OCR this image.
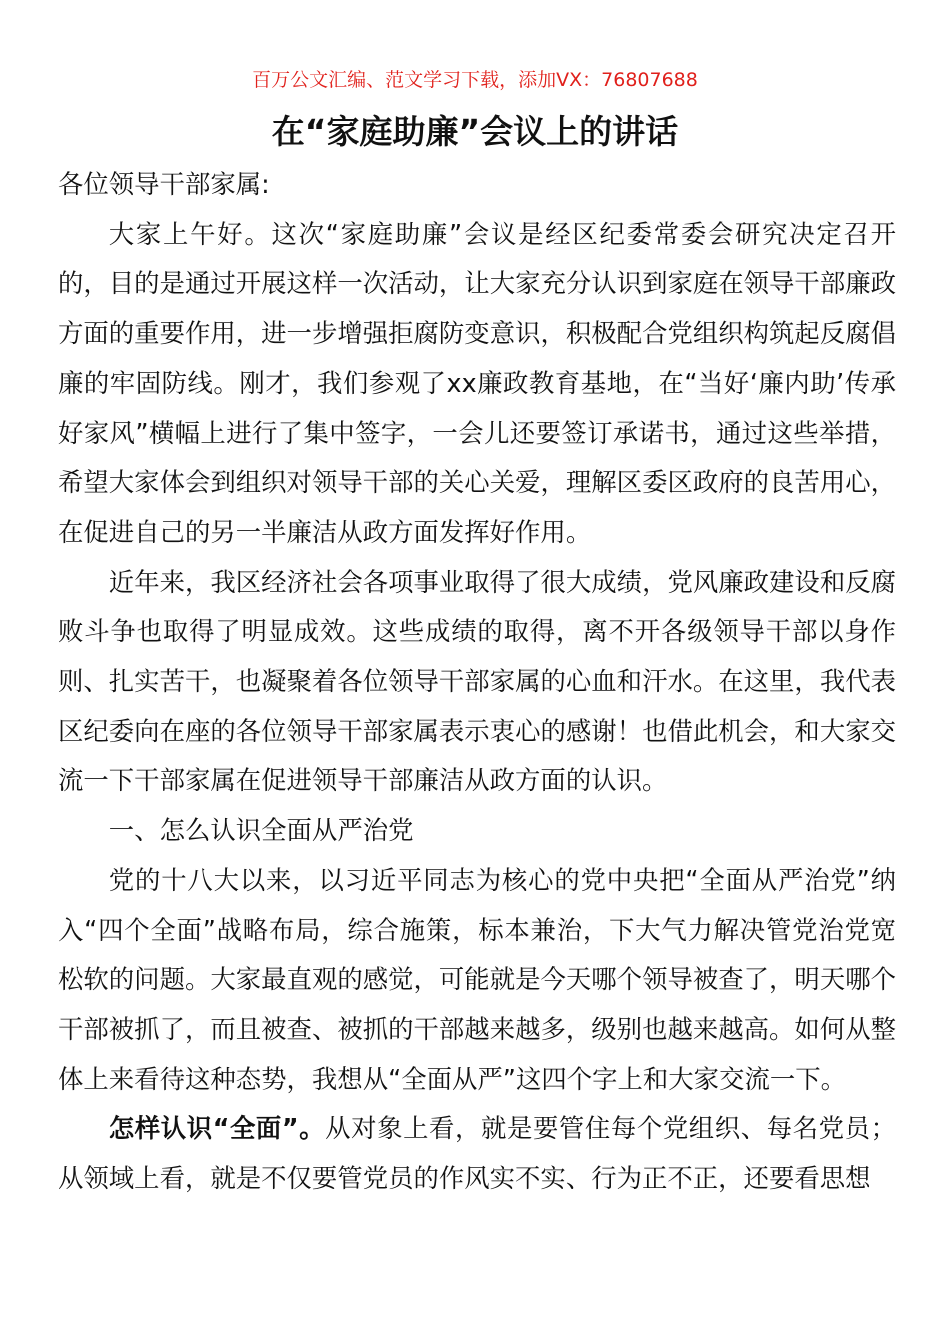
百万公文汇编、范文学习下载，添加VX：76807688
在“家庭助廉”会议上的讲话

各位领导干部家属:

大家上午好。这次“家庭助廉”会议是经区纪委常委会研究决定召开的，目的是通过开展这样一次活动，让大家充分认识到家庭在领导干部廉政方面的重要作用，进一步增强拒腐防变意识，积极配合党组织构筑起反腐倡廉的牢固防线。刚才，我们参观了xx廉政教育基地，在“当好‘廉内助’传承好家风”横幅上进行了集中签字，一会儿还要签订承诺书，通过这些举措，希望大家体会到组织对领导干部的关心关爱，理解区委区政府的良苦用心，在促进自己的另一半廉洁从政方面发挥好作用。

近年来，我区经济社会各项事业取得了很大成绩，党风廉政建设和反腐败斗争也取得了明显成效。这些成绩的取得，离不开各级领导干部以身作则、扎实苦干，也凝聚着各位领导干部家属的心血和汗水。在这里，我代表区纪委向在座的各位领导干部家属表示衷心的感谢！也借此机会，和大家交流一下干部家属在促进领导干部廉洁从政方面的认识。

一、怎么认识全面从严治党

党的十八大以来，以习近平同志为核心的党中央把“全面从严治党”纳入“四个全面”战略布局，综合施策，标本兼治，下大气力解决管党治党宽松软的问题。大家最直观的感觉，可能就是今天哪个领导被查了，明天哪个干部被抓了，而且被查、被抓的干部越来越多，级别也越来越高。如何从整体上来看待这种态势，我想从“全面从严”这四个字上和大家交流一下。

怎样认识“全面”。从对象上看，就是要管住每个党组织、每名党员；从领域上看，就是不仅要管党员的作风实不实、行为正不正，还要看思想
